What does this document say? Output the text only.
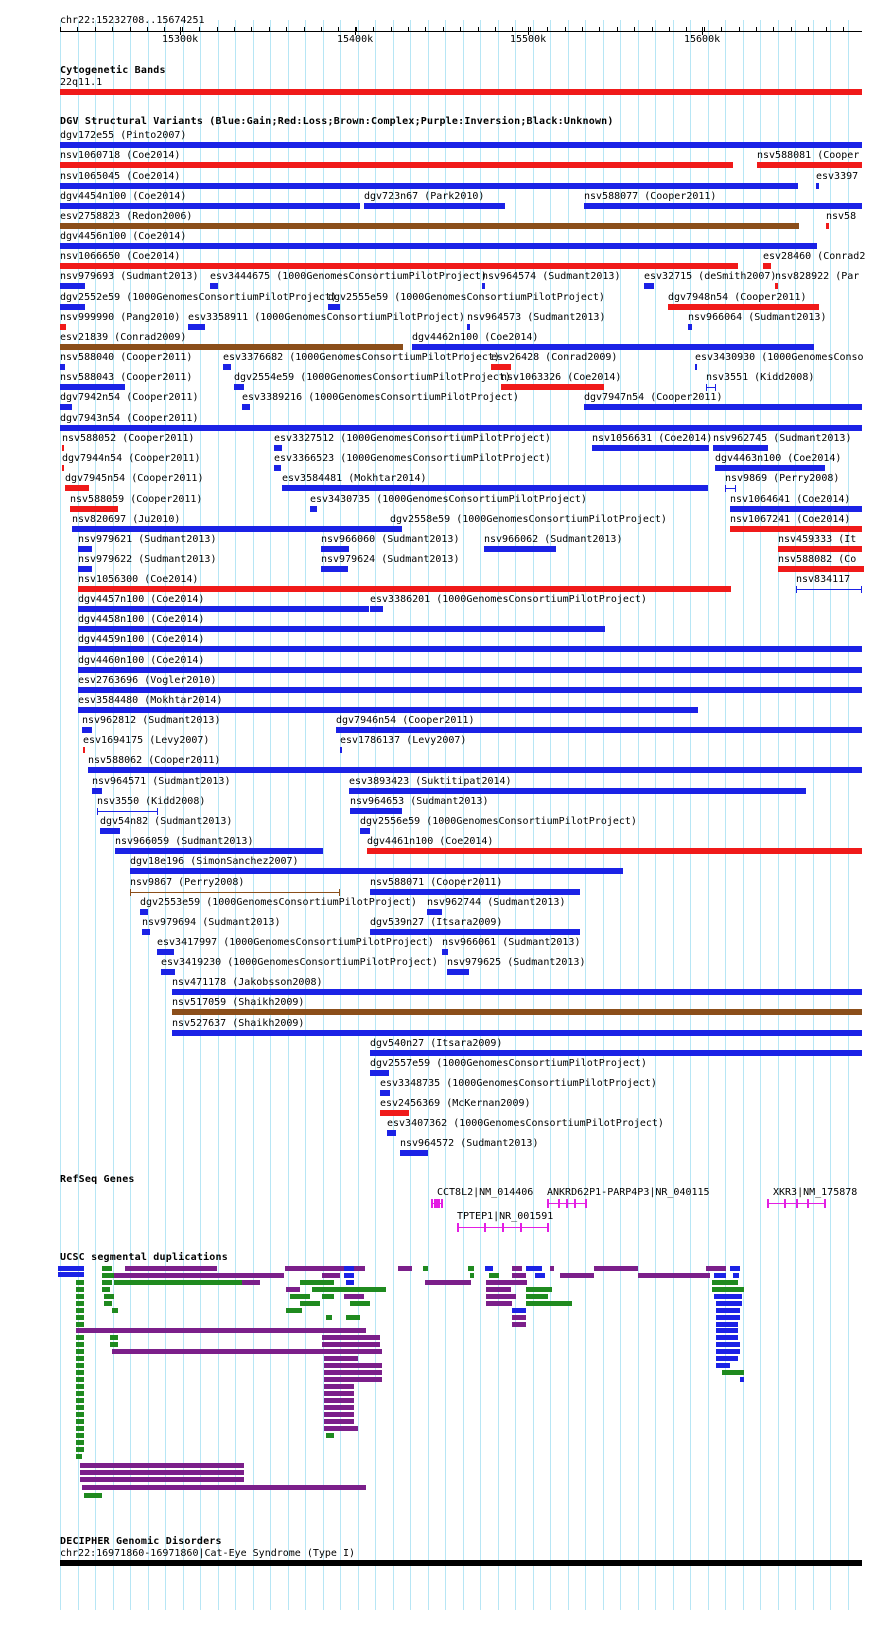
chr22:15232708..15674251
Cytogenetic Bands
22q11.1
DGV Structural Variants (Blue:Gain;Red:Loss;Brown:Complex;Purple:Inversion;Black:Unknown)
RefSeq Genes
UCSC segmental duplications
DECIPHER Genomic Disorders
chr22:16971860-16971860|Cat-Eye Syndrome (Type I)
15300k	15400k	15500k	15600k
dgv172e55 (Pinto2007)
nsv1060718 (Coe2014)	nsv588081 (Cooper
nsv1065045 (Coe2014)	esv3397
dgv4454n100 (Coe2014)	dgv723n67 (Park2010)	nsv588077 (Cooper2011)
esv2758823 (Redon2006)	nsv58
dgv4456n100 (Coe2014)
nsv1066650 (Coe2014)	esv28460 (Conrad2
nsv979693 (Sudmant2013) esv3444675 (1000GenomesConsortiumPilotProject)
nsv964574 (Sudmant2013) esv32715 (deSmith2007)
nsv828922 (Par
dgv2552e59 (1000GenomesConsortiumPilotProject)
dgv2555e59 (1000GenomesConsortiumPilotProject)	dgv7948n54 (Cooper2011)
nsv999990 (Pang2010) esv3358911 (1000GenomesConsortiumPilotProject) nsv964573 (Sudmant2013)	nsv966064 (Sudmant2013)
esv21839 (Conrad2009)	dgv4462n100 (Coe2014)
nsv588040 (Cooper2011)	esv3376682 (1000GenomesConsortiumPilotProject)
esv26428 (Conrad2009)	esv3430930 (1000GenomesConso
nsv588043 (Cooper2011)	dgv2554e59 (1000GenomesConsortiumPilotProject)
nsv1063326 (Coe2014)	nsv3551 (Kidd2008)
dgv7942n54 (Cooper2011)	esv3389216 (1000GenomesConsortiumPilotProject)	dgv7947n54 (Cooper2011)
dgv7943n54 (Cooper2011)
nsv588052 (Cooper2011)	esv3327512 (1000GenomesConsortiumPilotProject)	nsv1056631 (Coe2014) nsv962745 (Sudmant2013)
dgv7944n54 (Cooper2011)	esv3366523 (1000GenomesConsortiumPilotProject)	dgv4463n100 (Coe2014)
dgv7945n54 (Cooper2011)	esv3584481 (Mokhtar2014)	nsv9869 (Perry2008)
nsv588059 (Cooper2011)	esv3430735 (1000GenomesConsortiumPilotProject)	nsv1064641 (Coe2014)
nsv820697 (Ju2010)	dgv2558e59 (1000GenomesConsortiumPilotProject)	nsv1067241 (Coe2014)
nsv979621 (Sudmant2013)	nsv966060 (Sudmant2013) nsv966062 (Sudmant2013)	nsv459333 (It
nsv979622 (Sudmant2013)	nsv979624 (Sudmant2013)	nsv588082 (Co
nsv1056300 (Coe2014)	nsv834117
dgv4457n100 (Coe2014)	esv3386201 (1000GenomesConsortiumPilotProject)
dgv4458n100 (Coe2014)
dgv4459n100 (Coe2014)
dgv4460n100 (Coe2014)
esv2763696 (Vogler2010)
esv3584480 (Mokhtar2014)
nsv962812 (Sudmant2013)	dgv7946n54 (Cooper2011)
esv1694175 (Levy2007)	esv1786137 (Levy2007)
nsv588062 (Cooper2011)
nsv964571 (Sudmant2013)	esv3893423 (Suktitipat2014)
nsv3550 (Kidd2008)	nsv964653 (Sudmant2013)
dgv54n82 (Sudmant2013)	dgv2556e59 (1000GenomesConsortiumPilotProject)
nsv966059 (Sudmant2013)	dgv4461n100 (Coe2014)
dgv18e196 (SimonSanchez2007)
nsv9867 (Perry2008)	nsv588071 (Cooper2011)
dgv2553e59 (1000GenomesConsortiumPilotProject) nsv962744 (Sudmant2013)
nsv979694 (Sudmant2013)	dgv539n27 (Itsara2009)
esv3417997 (1000GenomesConsortiumPilotProject) nsv966061 (Sudmant2013)
esv3419230 (1000GenomesConsortiumPilotProject) nsv979625 (Sudmant2013)
nsv471178 (Jakobsson2008)
nsv517059 (Shaikh2009)
nsv527637 (Shaikh2009)
dgv540n27 (Itsara2009)
dgv2557e59 (1000GenomesConsortiumPilotProject)
esv3348735 (1000GenomesConsortiumPilotProject)
esv2456369 (McKernan2009)
esv3407362 (1000GenomesConsortiumPilotProject)
nsv964572 (Sudmant2013)
CCT8L2|NM_014406 ANKRD62P1-PARP4P3|NR_040115	XKR3|NM_175878
TPTEP1|NR_001591
